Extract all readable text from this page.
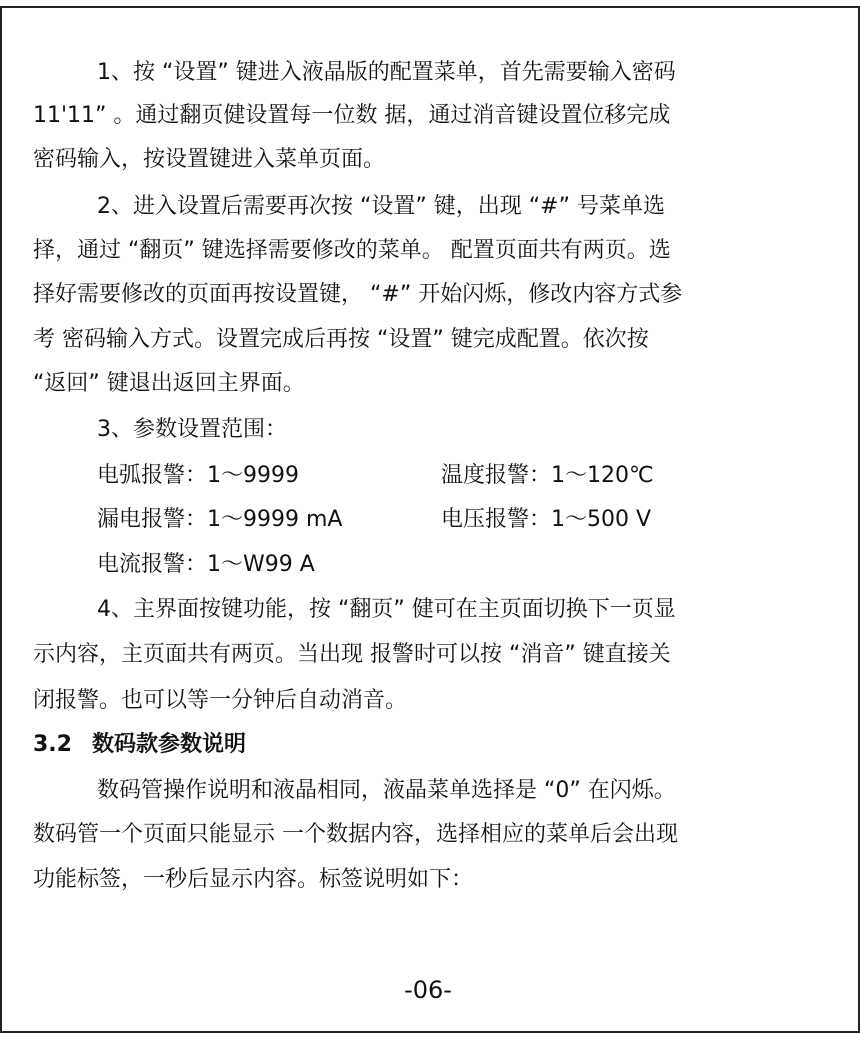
1、按 “设置” 键进入液晶版的配置菜单，首先需要输入密码
11'11” 。通过翻页健设置每一位数 据，通过消音键设置位移完成
密码输入，按设置键进入菜单页面。
2、进入设置后需要再次按 “设置” 键，出现 “#” 号菜单选
择，通过 “翻页” 键选择需要修改的菜单。 配置页面共有两页。选
择好需要修改的页面再按设置键， “#” 开始闪烁，修改内容方式参
考 密码输入方式。设置完成后再按 “设置” 键完成配置。依次按
“返回” 键退出返回主界面。
3、参数设置范围：
电弧报警：1～9999	温度报警：1～120℃
漏电报警：1～9999 mA	电压报警：1～500 V
电流报警：1～W99 A
4、主界面按键功能，按 “翻页” 健可在主页面切换下一页显
示内容，主页面共有两页。当出现 报警时可以按 “消音” 键直接关
闭报警。也可以等一分钟后自动消音。
3.2 数码款参数说明
数码管操作说明和液晶相同，液晶菜单选择是 “0” 在闪烁。
数码管一个页面只能显示 一个数据内容，选择相应的菜单后会出现
功能标签，一秒后显示内容。标签说明如下：
-06-
